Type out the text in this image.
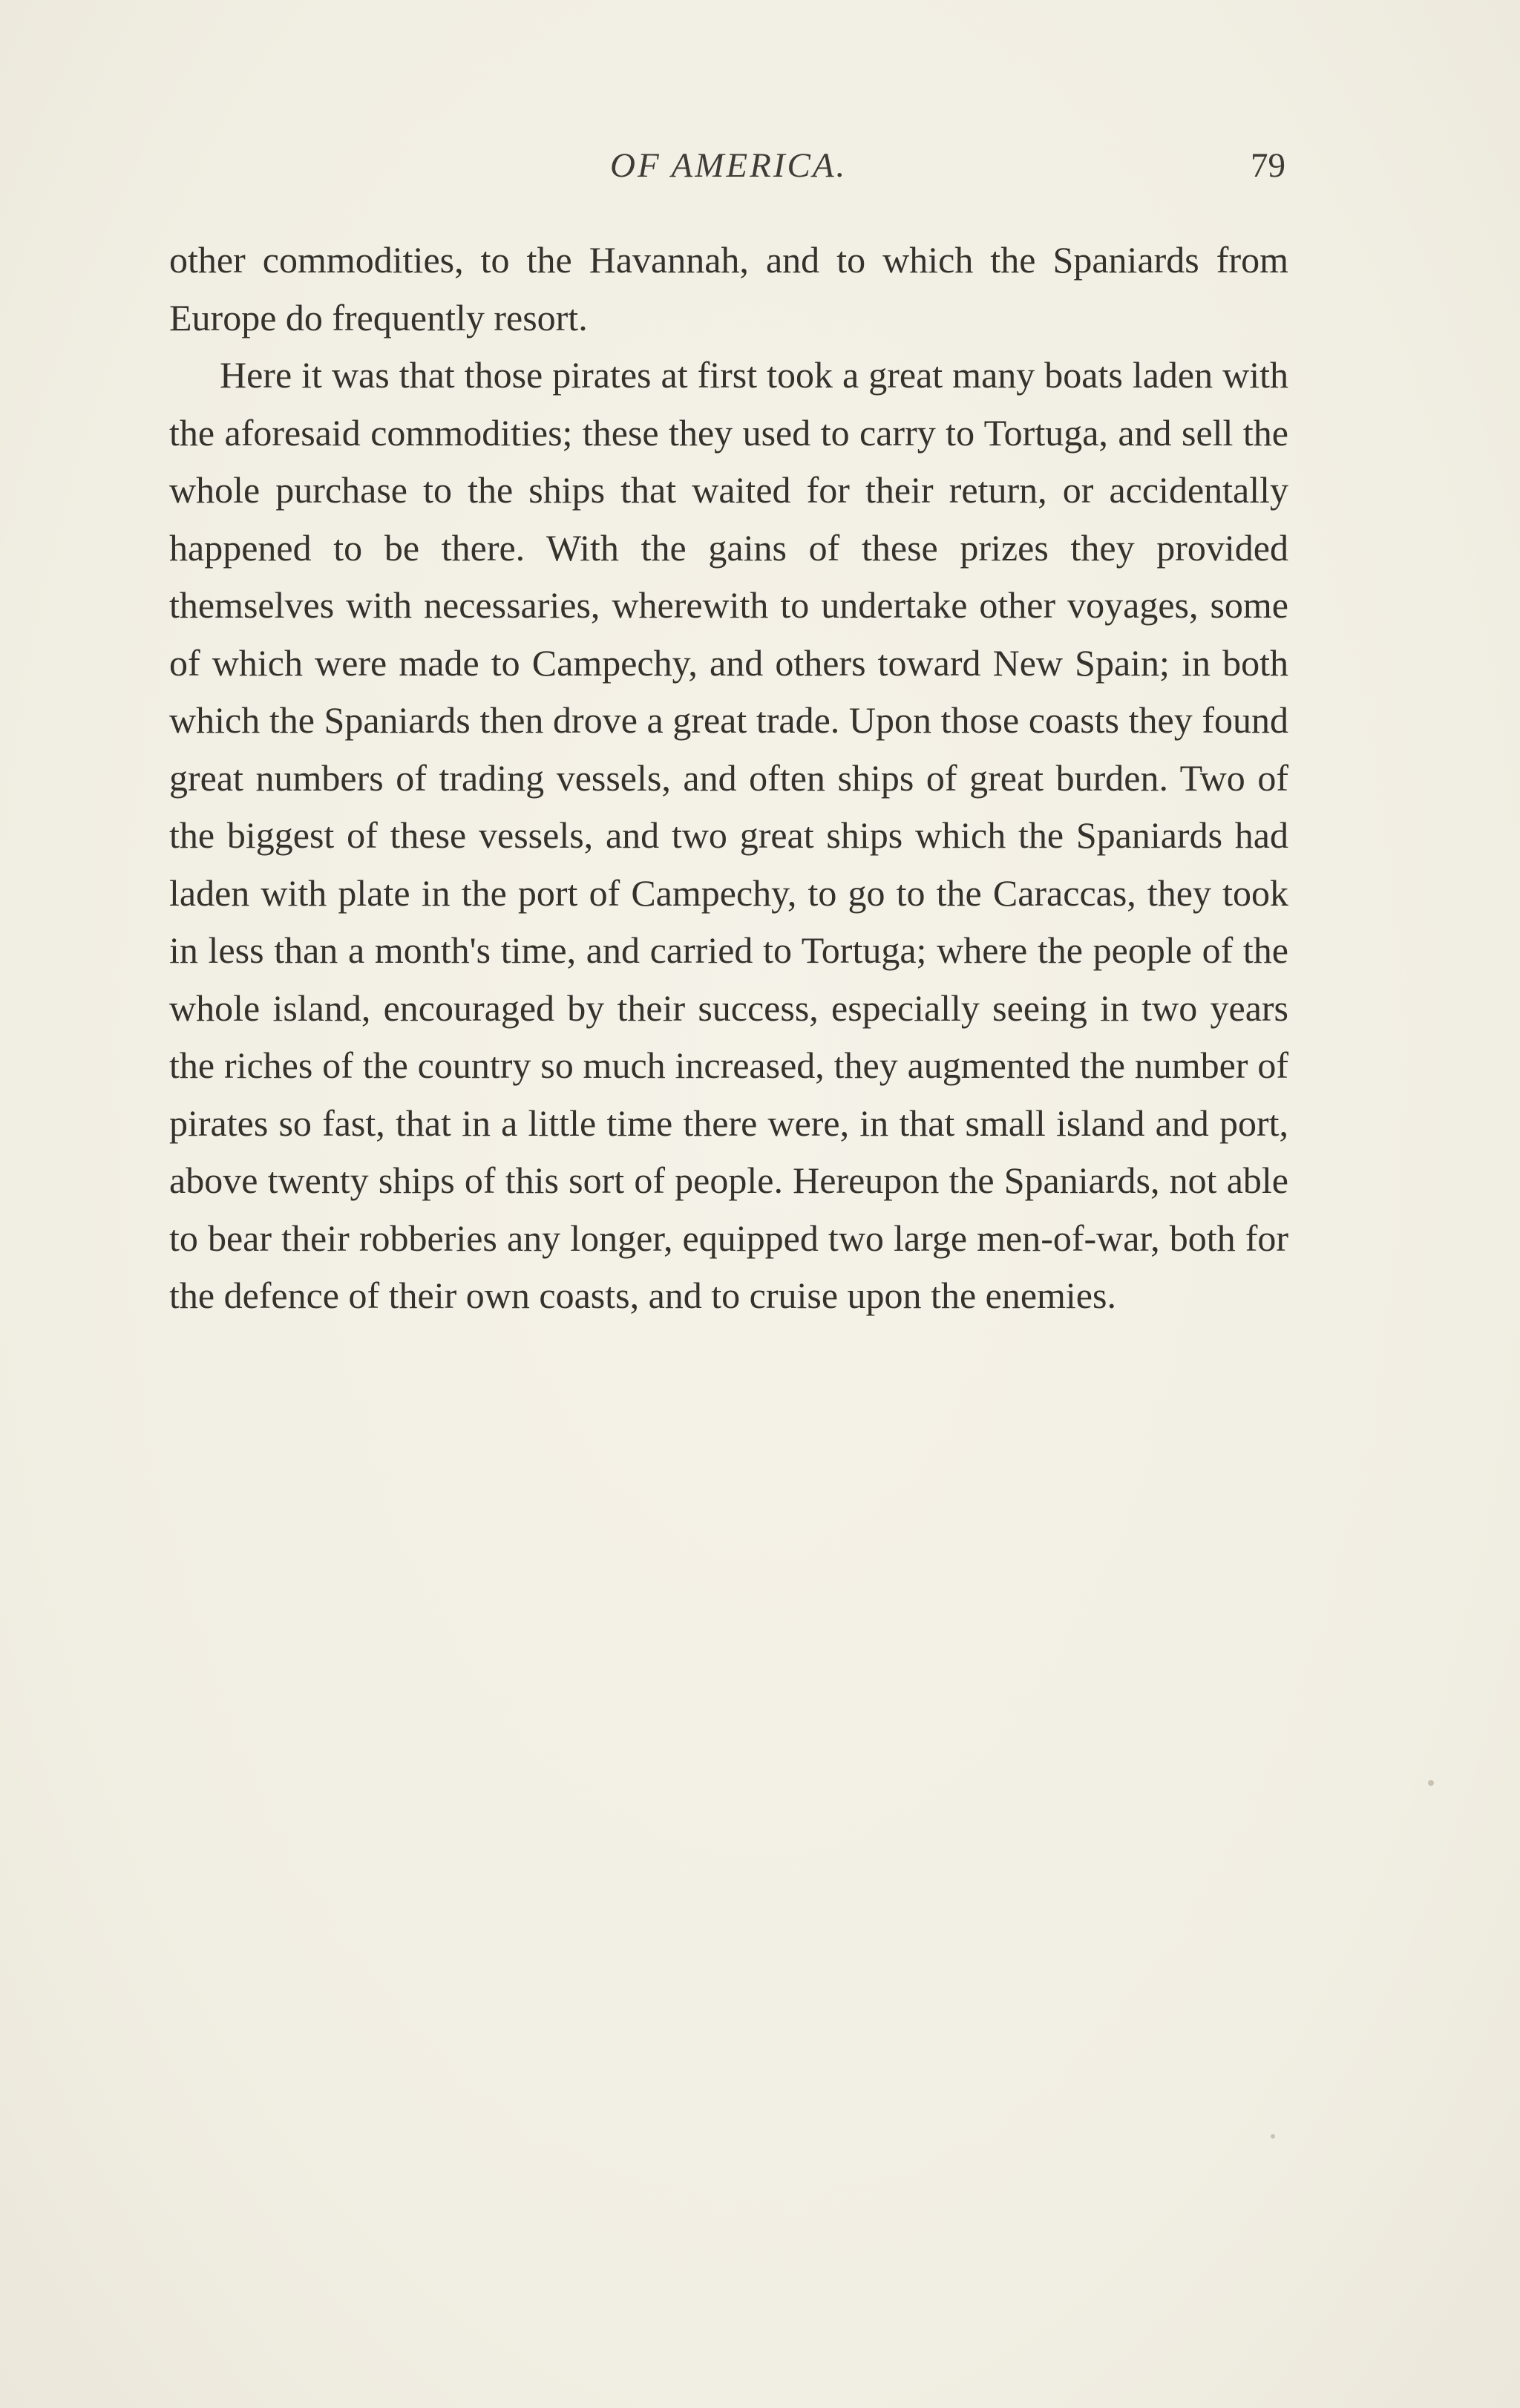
OF AMERICA.	79

other commodities, to the Havannah, and to which the Spaniards from Europe do frequently resort.

Here it was that those pirates at first took a great many boats laden with the aforesaid commodities; these they used to carry to Tortuga, and sell the whole purchase to the ships that waited for their return, or accidentally happened to be there. With the gains of these prizes they provided themselves with necessaries, wherewith to undertake other voyages, some of which were made to Campechy, and others toward New Spain; in both which the Spaniards then drove a great trade. Upon those coasts they found great numbers of trading vessels, and often ships of great burden. Two of the biggest of these vessels, and two great ships which the Spaniards had laden with plate in the port of Campechy, to go to the Caraccas, they took in less than a month's time, and carried to Tortuga; where the people of the whole island, encouraged by their success, especially seeing in two years the riches of the country so much increased, they augmented the number of pirates so fast, that in a little time there were, in that small island and port, above twenty ships of this sort of people. Hereupon the Spaniards, not able to bear their robberies any longer, equipped two large men-of-war, both for the defence of their own coasts, and to cruise upon the enemies.
